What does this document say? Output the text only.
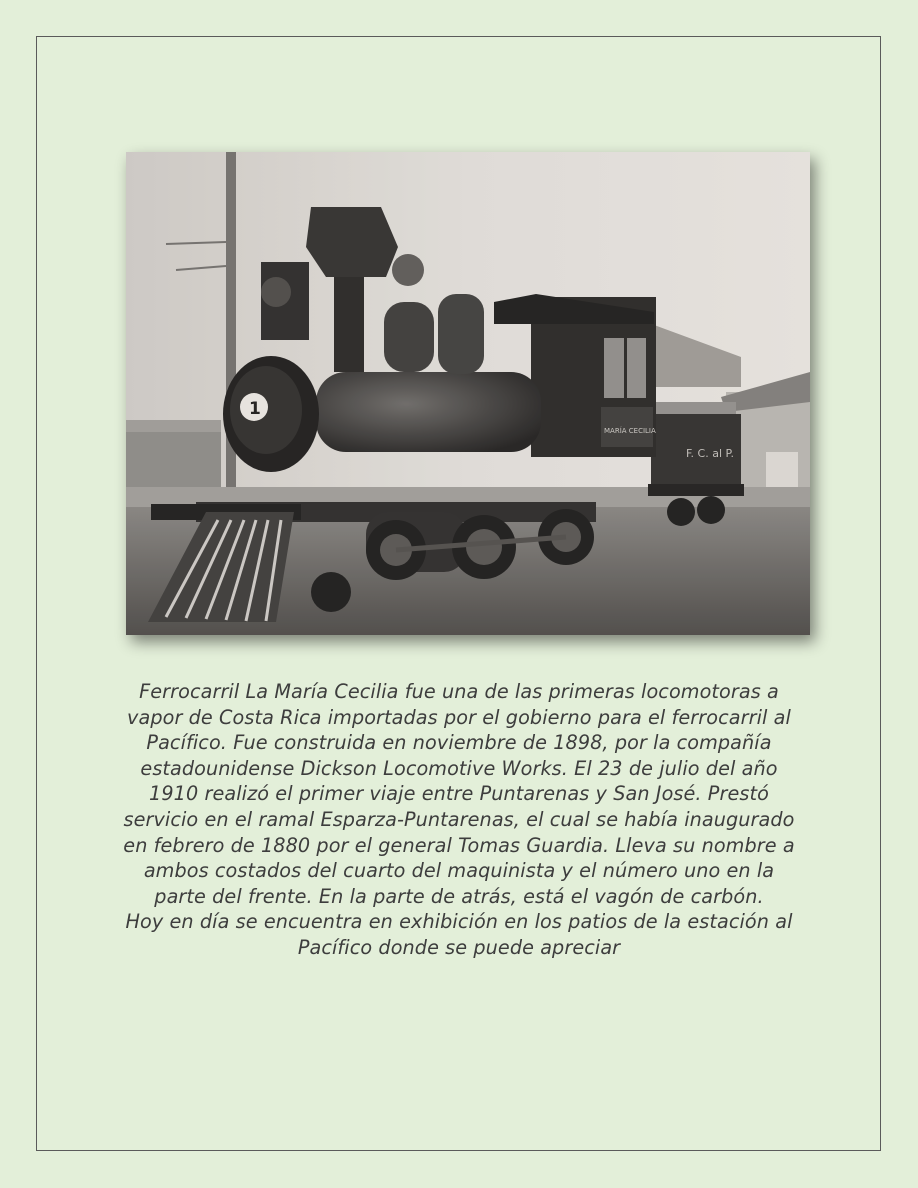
F. C. al P.
MARÍA CECILIA
1
Ferrocarril La María Cecilia fue una de las primeras locomotoras a
vapor de Costa Rica importadas por el gobierno para el ferrocarril al
Pacífico. Fue construida en noviembre de 1898, por la compañía
estadounidense Dickson Locomotive Works. El 23 de julio del año
1910 realizó el primer viaje entre Puntarenas y San José. Prestó
servicio en el ramal Esparza-Puntarenas, el cual se había inaugurado
en febrero de 1880 por el general Tomas Guardia. Lleva su nombre a
ambos costados del cuarto del maquinista y el número uno en la
parte del frente. En la parte de atrás, está el vagón de carbón.
Hoy en día se encuentra en exhibición en los patios de la estación al
Pacífico donde se puede apreciar
